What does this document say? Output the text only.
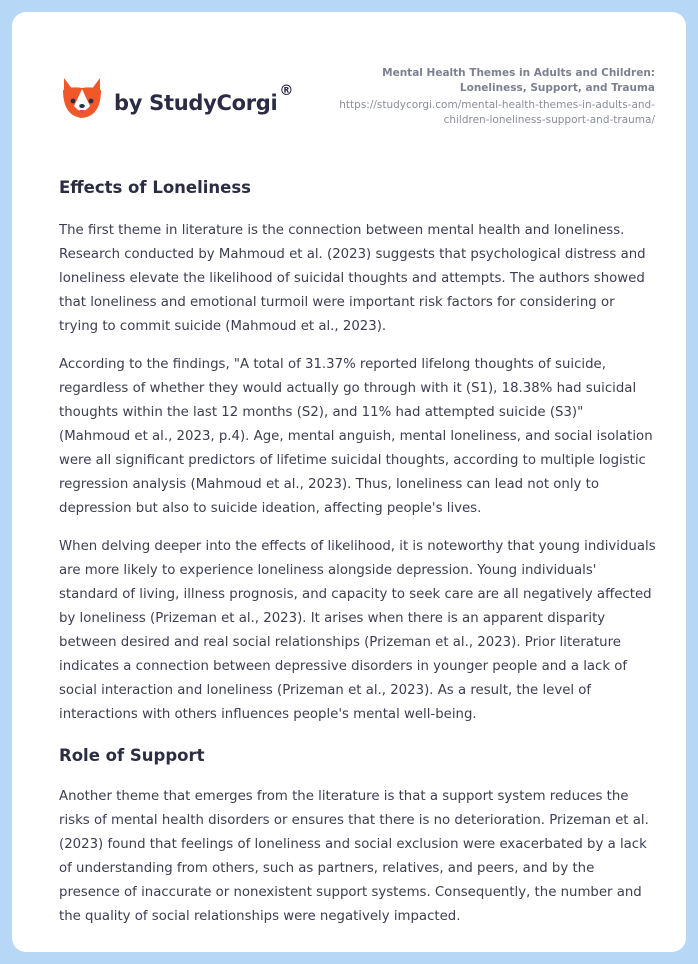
by StudyCorgi ®
Mental Health Themes in Adults and Children: Loneliness, Support, and Trauma
https://studycorgi.com/mental-health-themes-in-adults-and-children-loneliness-support-and-trauma/
Effects of Loneliness

The first theme in literature is the connection between mental health and loneliness. Research conducted by Mahmoud et al. (2023) suggests that psychological distress and loneliness elevate the likelihood of suicidal thoughts and attempts. The authors showed that loneliness and emotional turmoil were important risk factors for considering or trying to commit suicide (Mahmoud et al., 2023).

According to the findings, "A total of 31.37% reported lifelong thoughts of suicide, regardless of whether they would actually go through with it (S1), 18.38% had suicidal thoughts within the last 12 months (S2), and 11% had attempted suicide (S3)" (Mahmoud et al., 2023, p.4). Age, mental anguish, mental loneliness, and social isolation were all significant predictors of lifetime suicidal thoughts, according to multiple logistic regression analysis (Mahmoud et al., 2023). Thus, loneliness can lead not only to depression but also to suicide ideation, affecting people's lives.

When delving deeper into the effects of likelihood, it is noteworthy that young individuals are more likely to experience loneliness alongside depression. Young individuals' standard of living, illness prognosis, and capacity to seek care are all negatively affected by loneliness (Prizeman et al., 2023). It arises when there is an apparent disparity between desired and real social relationships (Prizeman et al., 2023). Prior literature indicates a connection between depressive disorders in younger people and a lack of social interaction and loneliness (Prizeman et al., 2023). As a result, the level of interactions with others influences people's mental well-being.

Role of Support

Another theme that emerges from the literature is that a support system reduces the risks of mental health disorders or ensures that there is no deterioration. Prizeman et al. (2023) found that feelings of loneliness and social exclusion were exacerbated by a lack of understanding from others, such as partners, relatives, and peers, and by the presence of inaccurate or nonexistent support systems. Consequently, the number and the quality of social relationships were negatively impacted.
